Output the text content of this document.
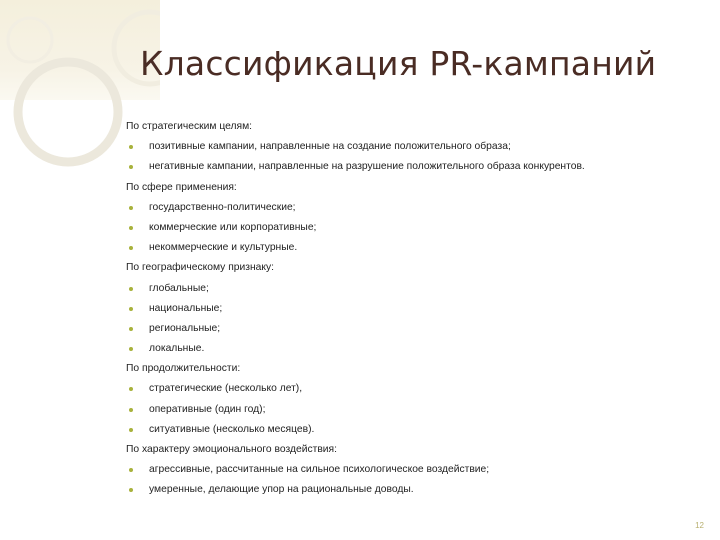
Классификация PR-кампаний
По стратегическим целям:
позитивные кампании, направленные на создание положительного образа;
негативные кампании, направленные на разрушение положительного образа конкурентов.
По сфере применения:
государственно-политические;
коммерческие или корпоративные;
некоммерческие и культурные.
По географическому признаку:
глобальные;
национальные;
региональные;
локальные.
По продолжительности:
стратегические (несколько лет),
оперативные (один год);
ситуативные (несколько месяцев).
По характеру эмоционального воздействия:
агрессивные, рассчитанные на сильное психологическое воздействие;
умеренные, делающие упор на рациональные доводы.
12
